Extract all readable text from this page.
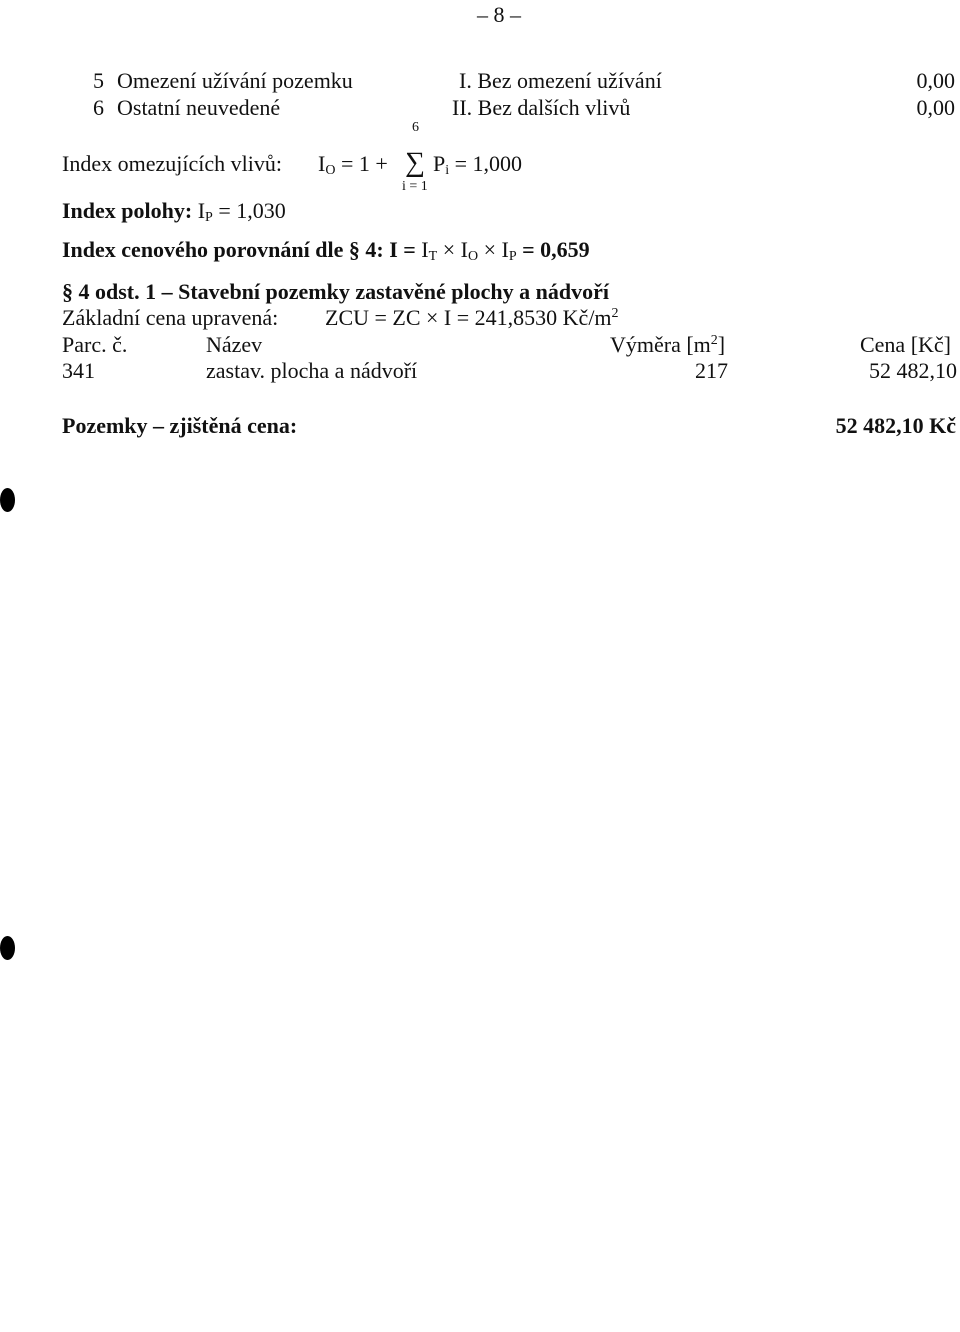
– 8 –
5 Omezení užívání pozemku	I. Bez omezení užívání	0,00
6 Ostatní neuvedené	II. Bez dalších vlivů	0,00
Index omezujících vlivů: $I_O = 1$ +
6
∑
i = 1
$P_i = 1,000$
Index polohy: $I_P = 1,030$
Index cenového porovnání dle § 4: $I = I_T \times I_O \times I_P = 0,659$
§ 4 odst. 1 – Stavební pozemky zastavěné plochy a nádvoří
Základní cena upravená: ZCU = ZC × I = 241,8530 $Kč/m^2$
Parc. č.	Název	Výměra $[m^2]$	Cena [Kč]
341	zastav. plocha a nádvoří	217	52 482,10
Pozemky – zjištěná cena:	52 482,10 Kč
